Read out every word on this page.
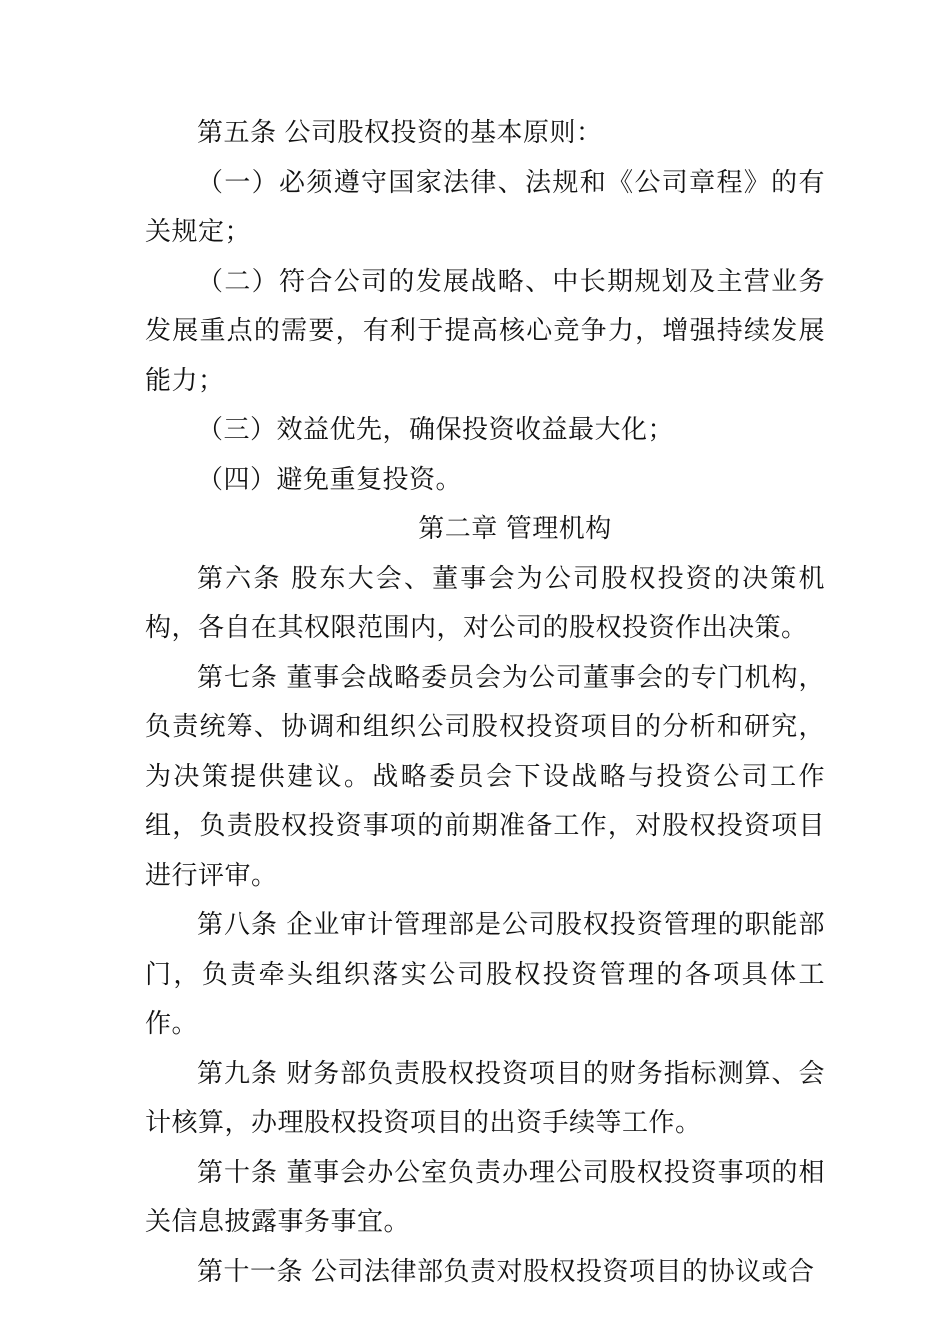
第五条 公司股权投资的基本原则：

（一）必须遵守国家法律、法规和《公司章程》的有关规定；

（二）符合公司的发展战略、中长期规划及主营业务发展重点的需要，有利于提高核心竞争力，增强持续发展能力；

（三）效益优先，确保投资收益最大化；

（四）避免重复投资。

第二章 管理机构

第六条 股东大会、董事会为公司股权投资的决策机构，各自在其权限范围内，对公司的股权投资作出决策。

第七条 董事会战略委员会为公司董事会的专门机构，负责统筹、协调和组织公司股权投资项目的分析和研究，为决策提供建议。战略委员会下设战略与投资公司工作组，负责股权投资事项的前期准备工作，对股权投资项目进行评审。

第八条 企业审计管理部是公司股权投资管理的职能部门，负责牵头组织落实公司股权投资管理的各项具体工作。

第九条 财务部负责股权投资项目的财务指标测算、会计核算，办理股权投资项目的出资手续等工作。

第十条 董事会办公室负责办理公司股权投资事项的相关信息披露事务事宜。

第十一条 公司法律部负责对股权投资项目的协议或合
